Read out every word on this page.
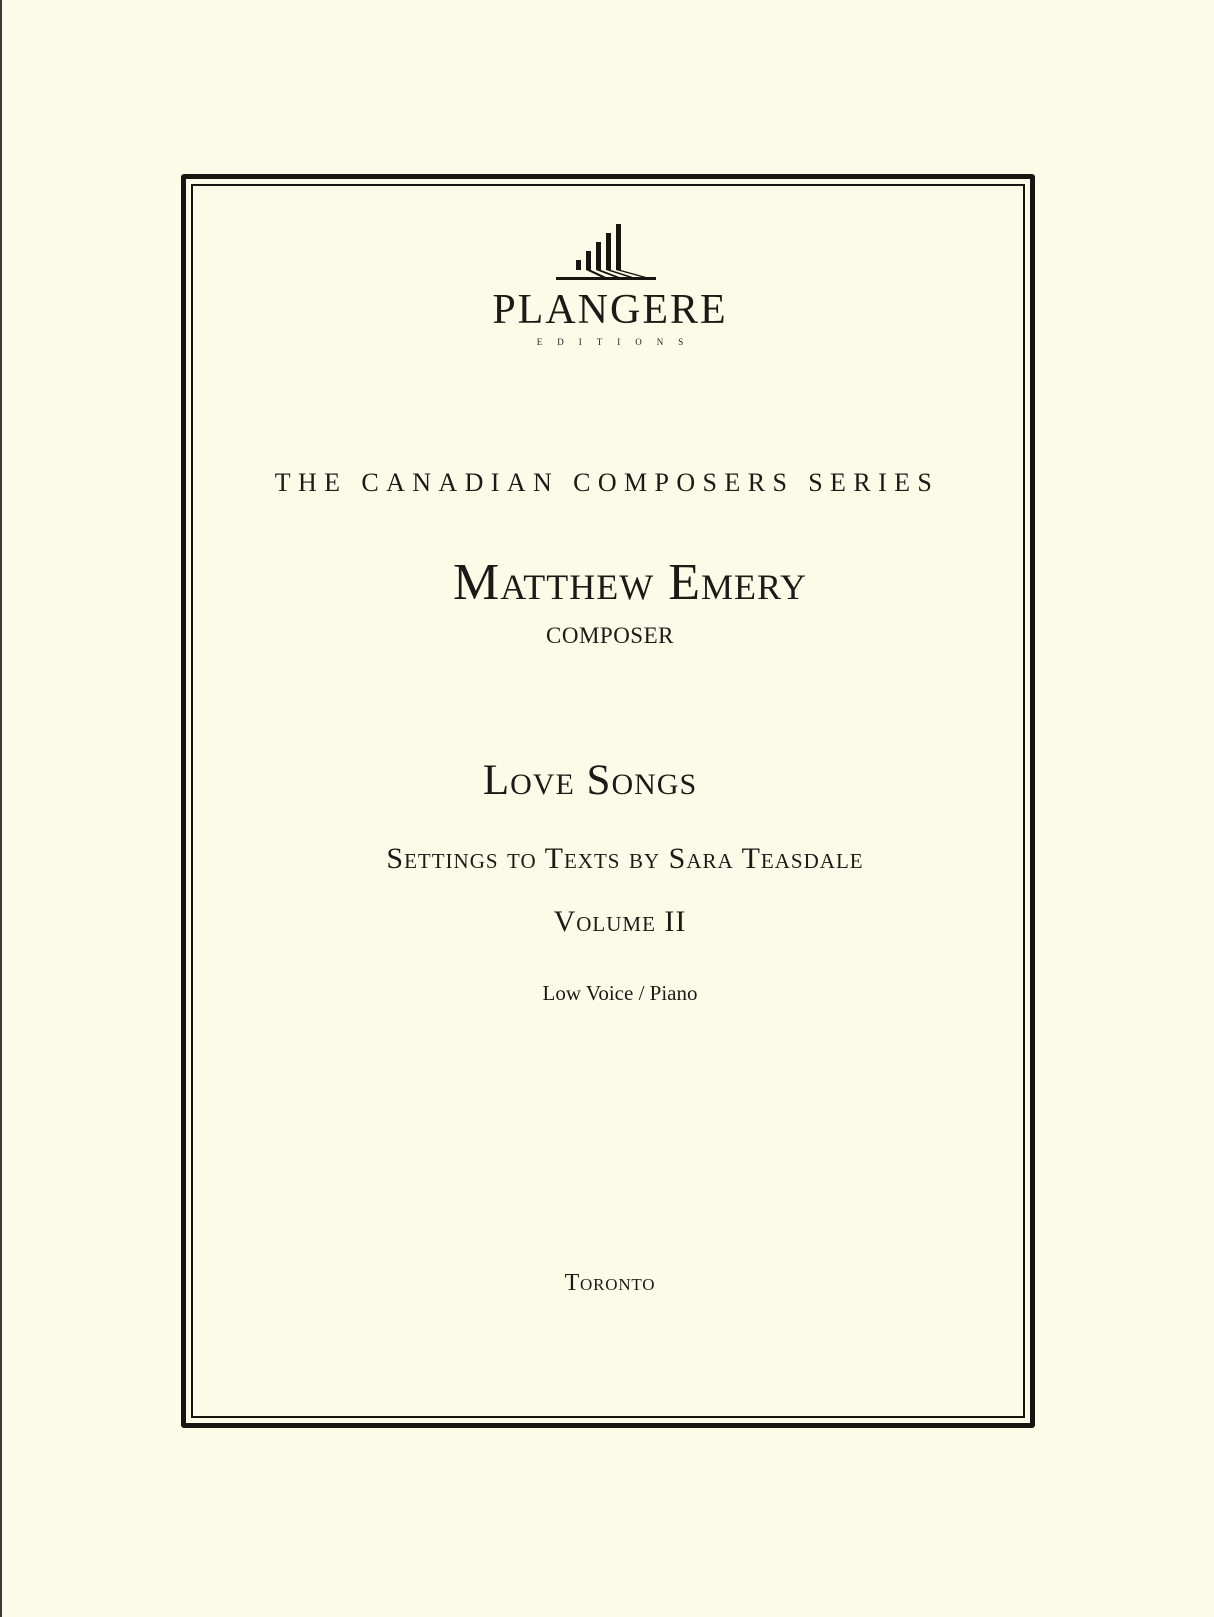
PLANGERE
EDITIONS
THE CANADIAN COMPOSERS SERIES
Matthew Emery
COMPOSER
Love Songs
Settings to Texts by Sara Teasdale
Volume II
Low Voice / Piano
Toronto
